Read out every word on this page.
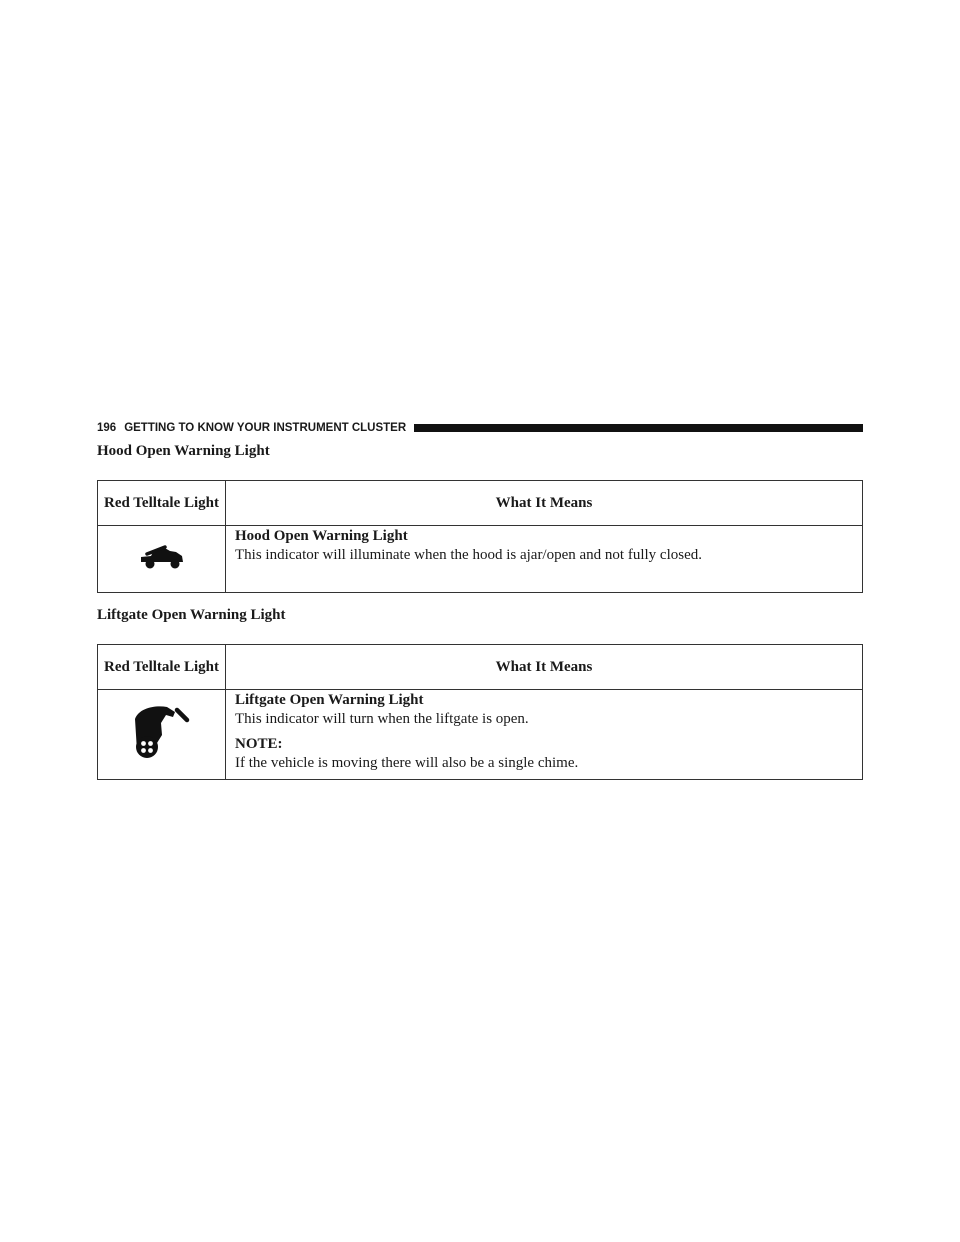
196 GETTING TO KNOW YOUR INSTRUMENT CLUSTER
Hood Open Warning Light
Red Telltale Light	What It Means

Hood Open Warning Light
This indicator will illuminate when the hood is ajar/open and not fully closed.
Liftgate Open Warning Light
Red Telltale Light	What It Means

Liftgate Open Warning Light
This indicator will turn when the liftgate is open.
NOTE:
If the vehicle is moving there will also be a single chime.
